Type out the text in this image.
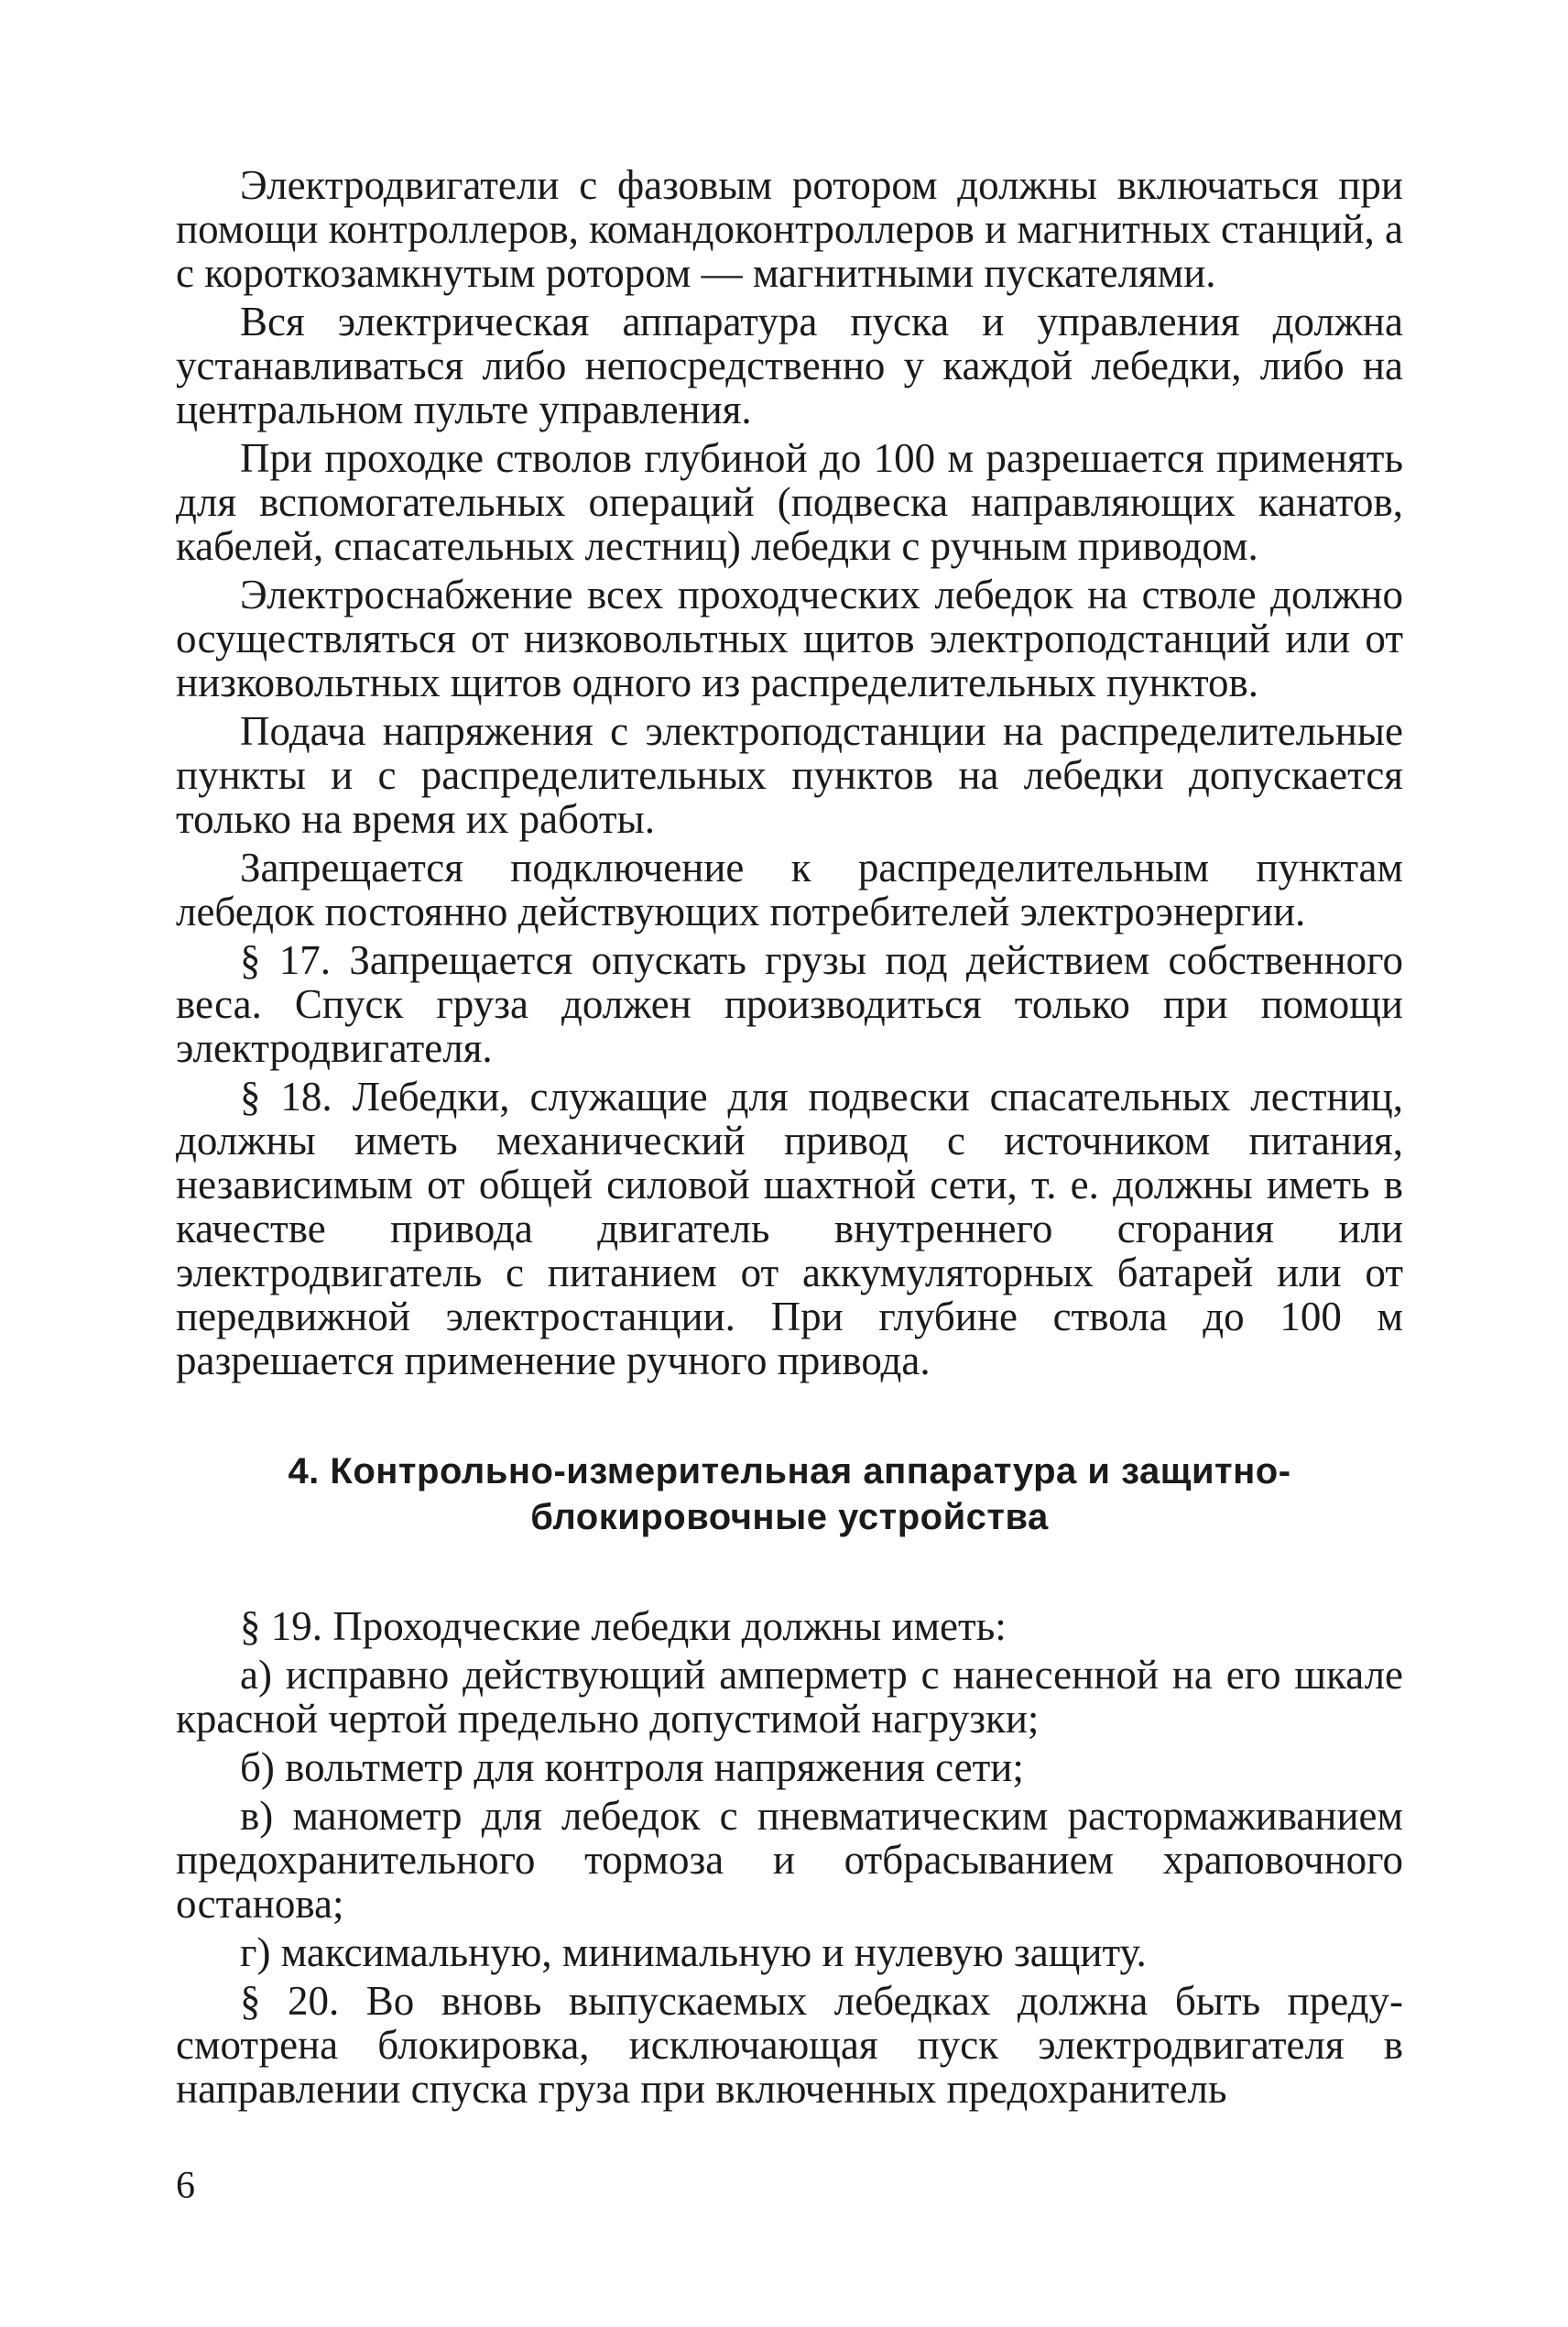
Электродвигатели с фазовым ротором должны включаться при помощи контроллеров, командоконтроллеров и магнитных станций, а с короткозамкнутым ротором — магнитными пускателями.

Вся электрическая аппаратура пуска и управления должна устанавливаться либо непосредственно у каждой лебедки, либо на центральном пульте управления.

При проходке стволов глубиной до 100 м разрешается применять для вспомогательных операций (подвеска направляющих канатов, кабелей, спасательных лестниц) лебедки с ручным приводом.

Электроснабжение всех проходческих лебедок на стволе должно осуществляться от низковольтных щитов электроподстанций или от низковольтных щитов одного из распределительных пунктов.

Подача напряжения с электроподстанции на распределительные пункты и с распределительных пунктов на лебедки допускается только на время их работы.

Запрещается подключение к распределительным пунктам лебедок постоянно действующих потребителей электроэнергии.

§ 17. Запрещается опускать грузы под действием собственного веса. Спуск груза должен производиться только при помощи электродвигателя.

§ 18. Лебедки, служащие для подвески спасательных лестниц, должны иметь механический привод с источником питания, независимым от общей силовой шахтной сети, т. е. должны иметь в качестве привода двигатель внутреннего сгорания или электродвигатель с питанием от аккумуляторных батарей или от передвижной электростанции. При глубине ствола до 100 м разрешается применение ручного привода.

4. Контрольно-измерительная аппаратура и защитно-
блокировочные устройства

§ 19. Проходческие лебедки должны иметь:

а) исправно действующий амперметр с нанесенной на его шкале красной чертой предельно допустимой нагрузки;

б) вольтметр для контроля напряжения сети;

в) манометр для лебедок с пневматическим растормаживанием предохранительного тормоза и отбрасыванием храповочного останова;

г) максимальную, минимальную и нулевую защиту.

§ 20. Во вновь выпускаемых лебедках должна быть предусмотрена блокировка, исключающая пуск электродвигателя в направлении спуска груза при включенных предохранитель

6
